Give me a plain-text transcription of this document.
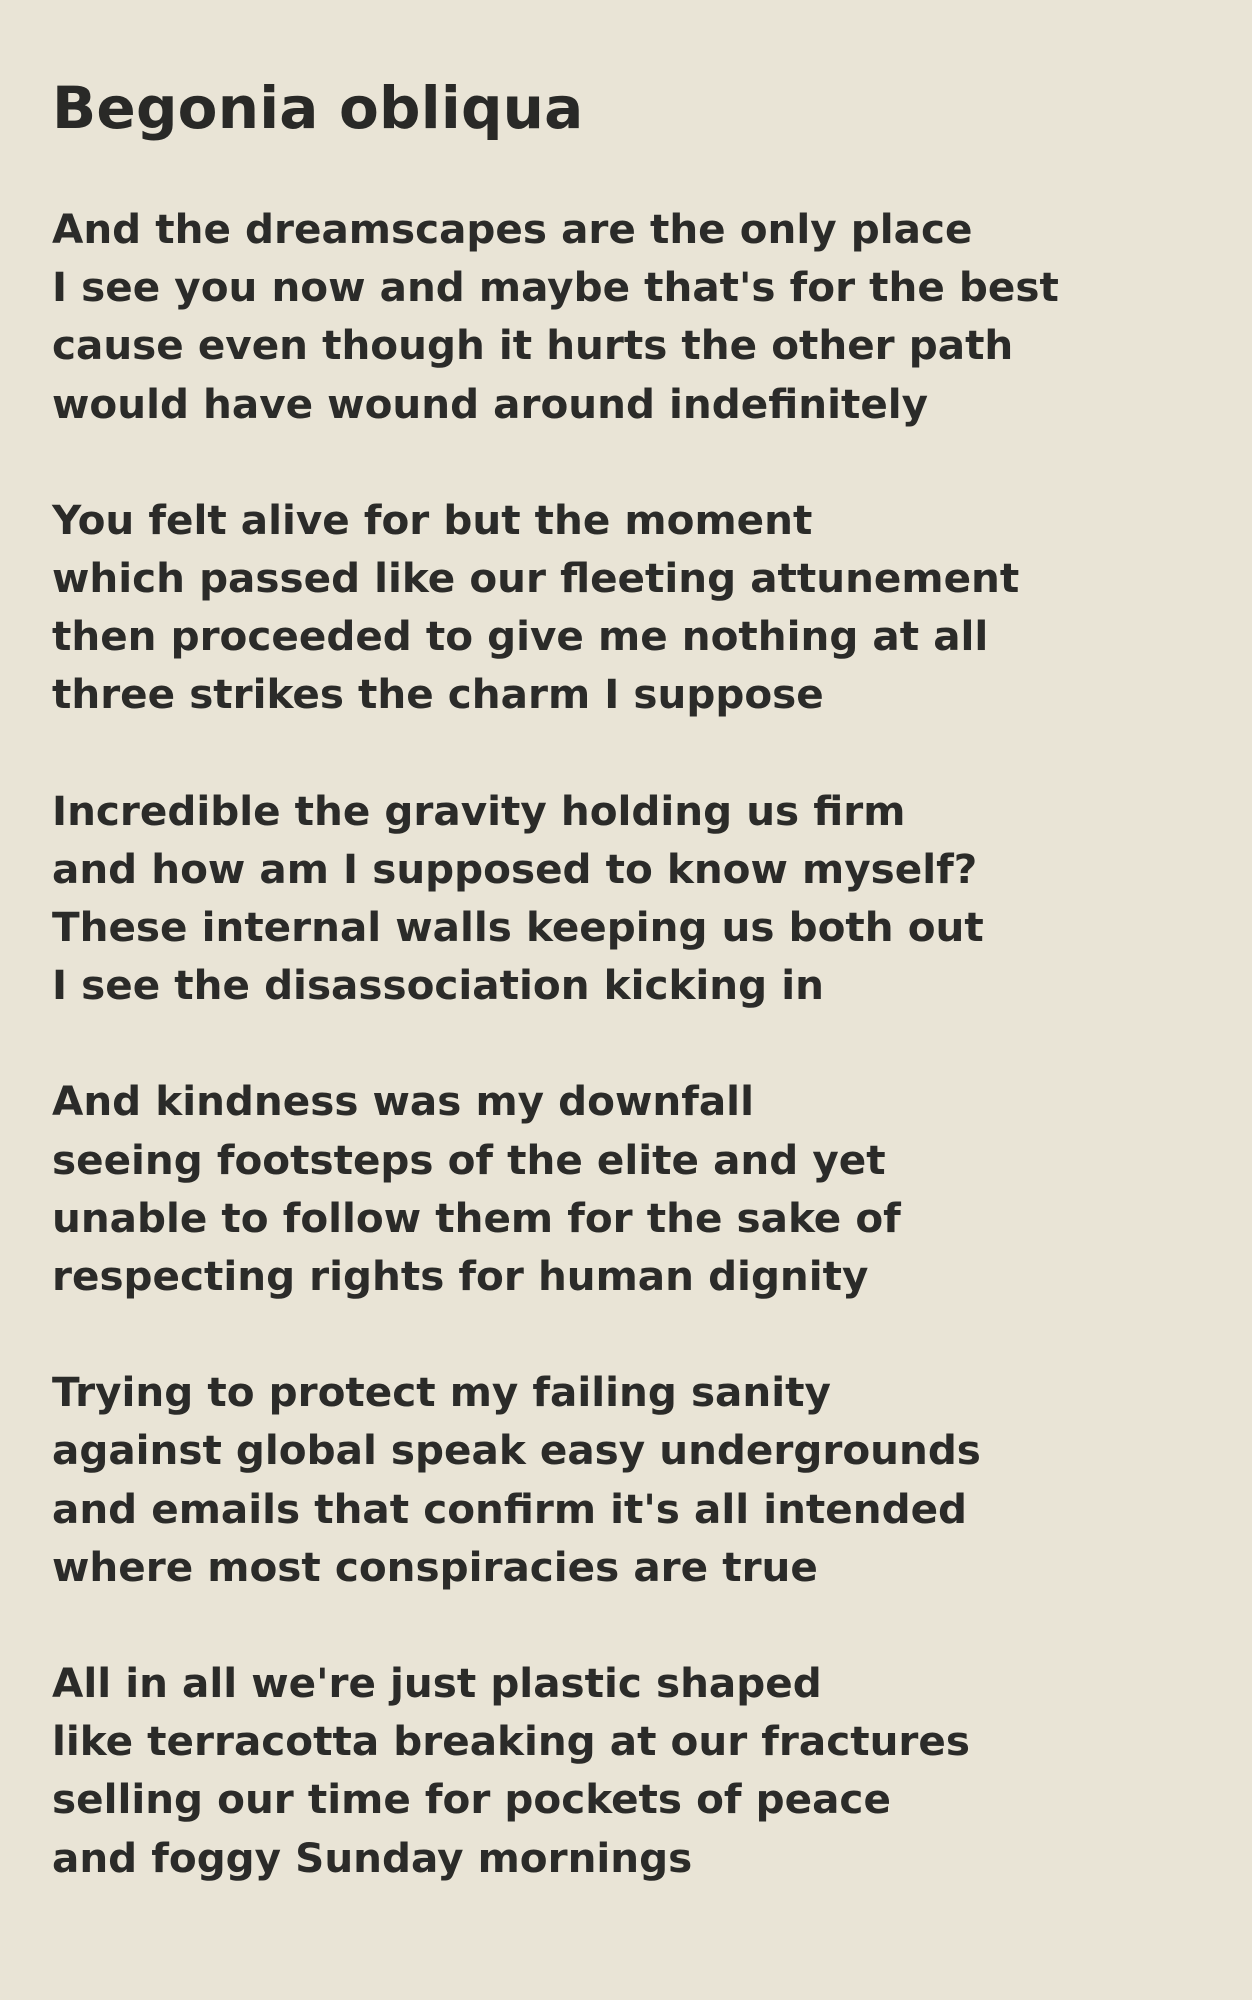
Begonia obliqua
And the dreamscapes are the only place
I see you now and maybe that's for the best
cause even though it hurts the other path
would have wound around indefinitely
You felt alive for but the moment
which passed like our fleeting attunement
then proceeded to give me nothing at all
three strikes the charm I suppose
Incredible the gravity holding us firm
and how am I supposed to know myself?
These internal walls keeping us both out
I see the disassociation kicking in
And kindness was my downfall
seeing footsteps of the elite and yet
unable to follow them for the sake of
respecting rights for human dignity
Trying to protect my failing sanity
against global speak easy undergrounds
and emails that confirm it's all intended
where most conspiracies are true
All in all we're just plastic shaped
like terracotta breaking at our fractures
selling our time for pockets of peace
and foggy Sunday mornings
